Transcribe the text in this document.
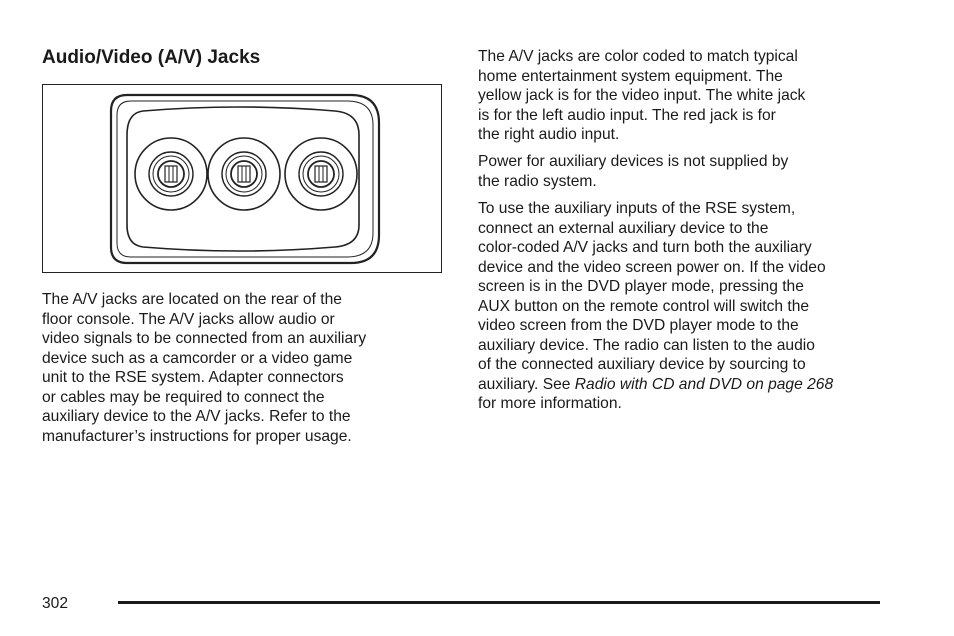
Audio/Video (A/V) Jacks

The A/V jacks are located on the rear of the
floor console. The A/V jacks allow audio or
video signals to be connected from an auxiliary
device such as a camcorder or a video game
unit to the RSE system. Adapter connectors
or cables may be required to connect the
auxiliary device to the A/V jacks. Refer to the
manufacturer’s instructions for proper usage.

The A/V jacks are color coded to match typical
home entertainment system equipment. The
yellow jack is for the video input. The white jack
is for the left audio input. The red jack is for
the right audio input.

Power for auxiliary devices is not supplied by
the radio system.

To use the auxiliary inputs of the RSE system,
connect an external auxiliary device to the
color-coded A/V jacks and turn both the auxiliary
device and the video screen power on. If the video
screen is in the DVD player mode, pressing the
AUX button on the remote control will switch the
video screen from the DVD player mode to the
auxiliary device. The radio can listen to the audio
of the connected auxiliary device by sourcing to
auxiliary. See Radio with CD and DVD on page 268
for more information.

302
